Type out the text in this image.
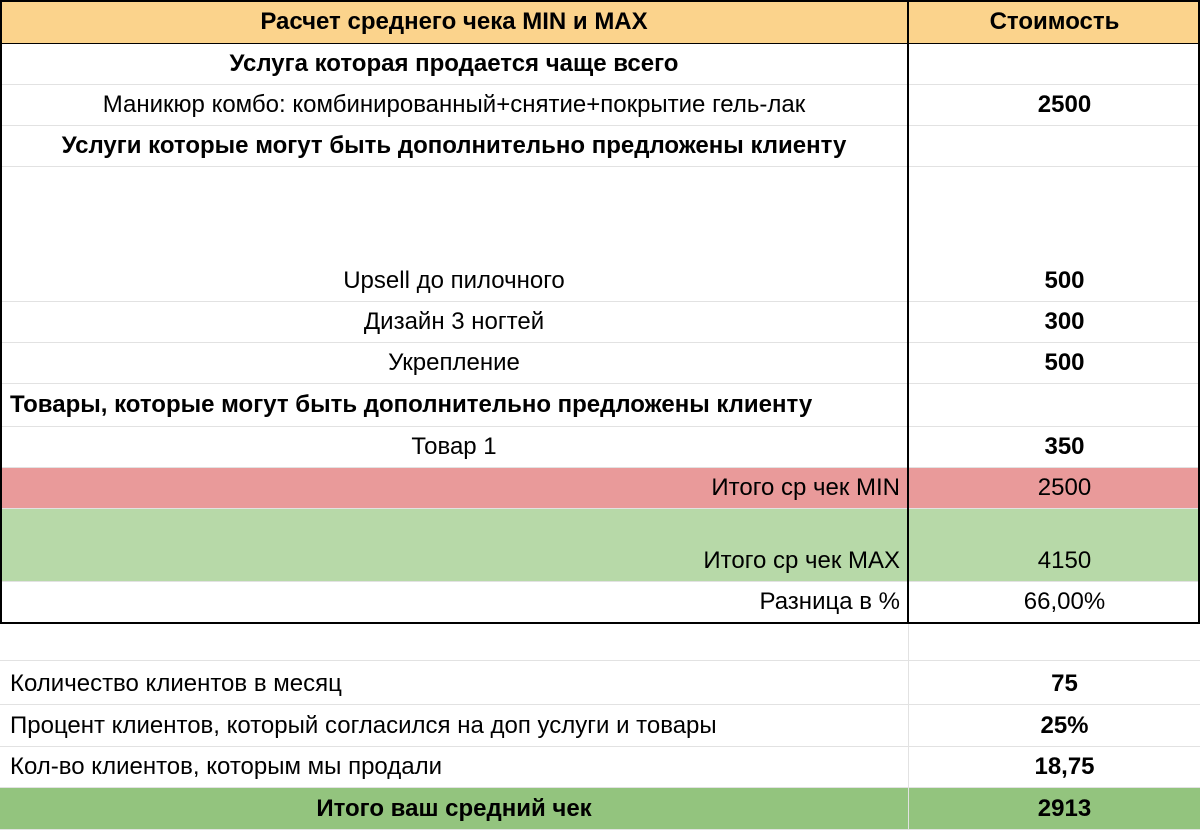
Расчет среднего чека MIN и MAX	Стоимость
Услуга которая продается чаще всего
Маникюр комбо: комбинированный+снятие+покрытие гель-лак	2500
Услуги которые могут быть дополнительно предложены клиенту
Upsell до пилочного	500
Дизайн 3 ногтей	300
Укрепление	500
Товары, которые могут быть дополнительно предложены клиенту
Товар 1	350
Итого ср чек MIN	2500
Итого ср чек MAX	4150
Разница в %	66,00%
Количество клиентов в месяц	75
Процент клиентов, который согласился на доп услуги и товары	25%
Кол-во клиентов, которым мы продали	18,75
Итого ваш средний чек	2913
